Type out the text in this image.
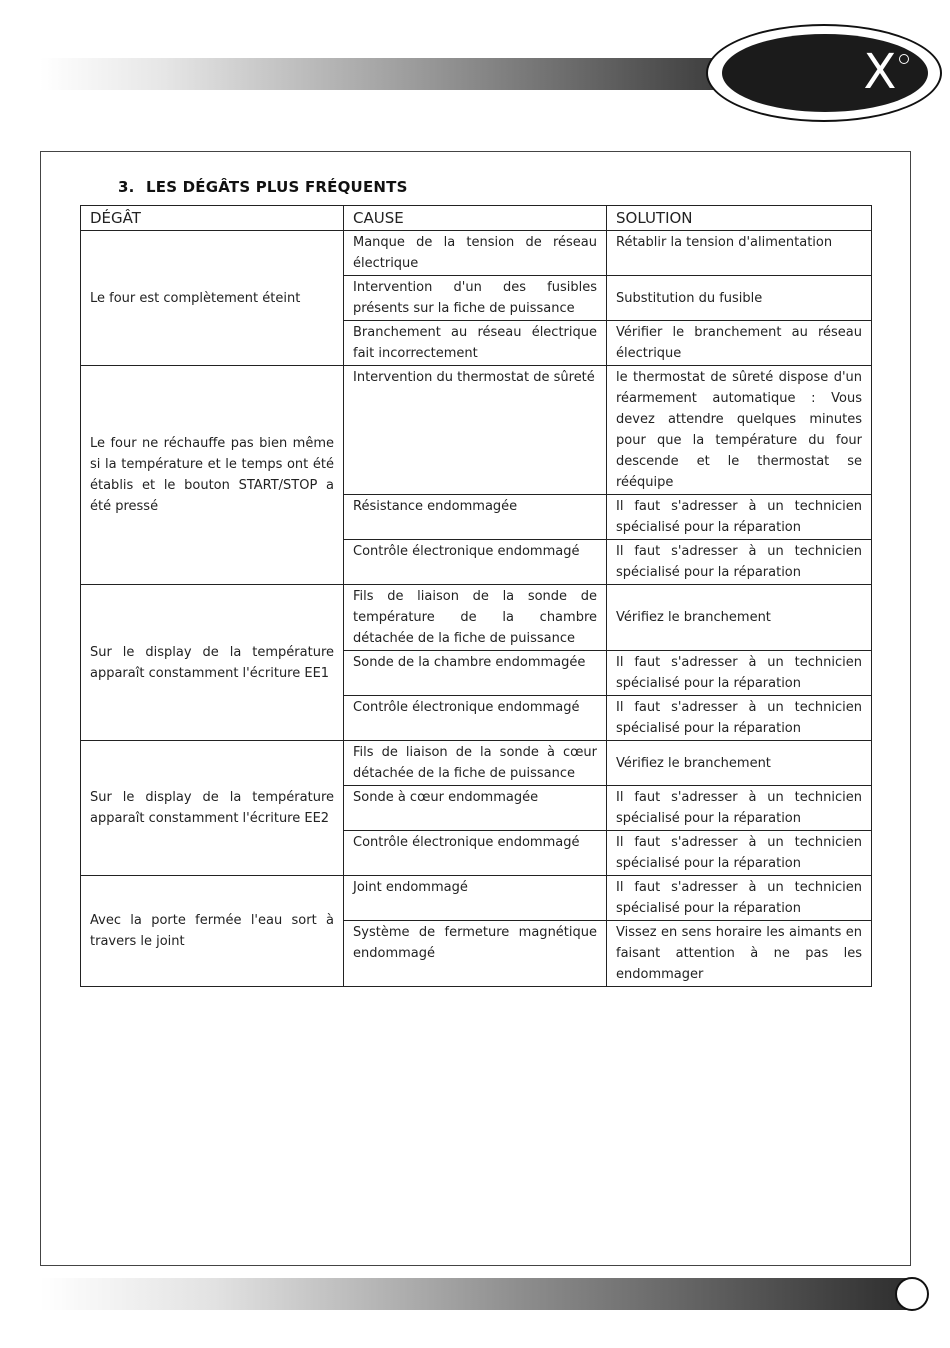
X
3. LES DÉGÂTS PLUS FRÉQUENTS
DÉGÂT	CAUSE	SOLUTION
Le four est complètement éteint	Manque de la tension de réseau électrique	Rétablir la tension d'alimentation
	Intervention d'un des fusibles présents sur la fiche de puissance	Substitution du fusible
	Branchement au réseau électrique fait incorrectement	Vérifier le branchement au réseau électrique
Le four ne réchauffe pas bien même si la température et le temps ont été établis et le bouton START/STOP a été pressé	Intervention du thermostat de sûreté	le thermostat de sûreté dispose d'un réarmement automatique : Vous devez attendre quelques minutes pour que la température du four descende et le thermostat se rééquipe
	Résistance endommagée	Il faut s'adresser à un technicien spécialisé pour la réparation
	Contrôle électronique endommagé	Il faut s'adresser à un technicien spécialisé pour la réparation
Sur le display de la température apparaît constamment l'écriture EE1	Fils de liaison de la sonde de température de la chambre détachée de la fiche de puissance	Vérifiez le branchement
	Sonde de la chambre endommagée	Il faut s'adresser à un technicien spécialisé pour la réparation
	Contrôle électronique endommagé	Il faut s'adresser à un technicien spécialisé pour la réparation
Sur le display de la température apparaît constamment l'écriture EE2	Fils de liaison de la sonde à cœur détachée de la fiche de puissance	Vérifiez le branchement
	Sonde à cœur endommagée	Il faut s'adresser à un technicien spécialisé pour la réparation
	Contrôle électronique endommagé	Il faut s'adresser à un technicien spécialisé pour la réparation
Avec la porte fermée l'eau sort à travers le joint	Joint endommagé	Il faut s'adresser à un technicien spécialisé pour la réparation
	Système de fermeture magnétique endommagé	Vissez en sens horaire les aimants en faisant attention à ne pas les endommager
